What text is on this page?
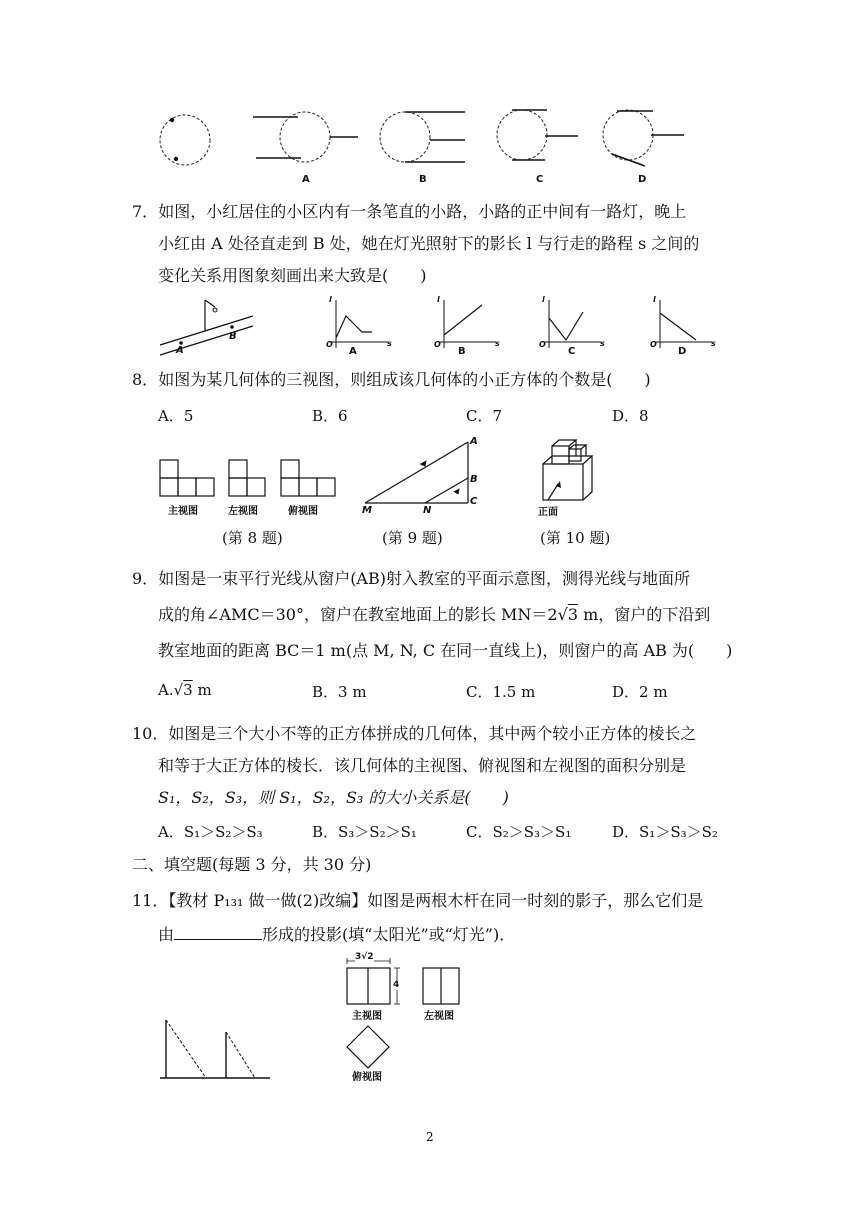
A	B	C	D

7．如图，小红居住的小区内有一条笔直的小路，小路的正中间有一路灯，晚上

小红由 A 处径直走到 B 处，她在灯光照射下的影长 l 与行走的路程 s 之间的

变化关系用图象刻画出来大致是(　　)

A
B
l
s
O
l
s
O
l
s
O
l
s
O
A	B	C	D

8．如图为某几何体的三视图，则组成该几何体的小正方体的个数是(　　)

A．5	B．6	C．7	D．8
主视图	左视图	俯视图
A
B
C
M	N	正面
(第 8 题)	(第 9 题)	(第 10 题)

9．如图是一束平行光线从窗户(AB)射入教室的平面示意图，测得光线与地面所

成的角∠AMC＝30°，窗户在教室地面上的影长 MN＝2√3 m，窗户的下沿到

教室地面的距离 BC＝1 m(点 M, N, C 在同一直线上)，则窗户的高 AB 为(　　)

A.√3 m	B．3 m	C．1.5 m	D．2 m

10．如图是三个大小不等的正方体拼成的几何体，其中两个较小正方体的棱长之

和等于大正方体的棱长．该几何体的主视图、俯视图和左视图的面积分别是

S₁，S₂，S₃，则 S₁，S₂，S₃ 的大小关系是(　　)

A．S₁＞S₂＞S₃	B．S₃＞S₂＞S₁	C．S₂＞S₃＞S₁	D．S₁＞S₃＞S₂

二、填空题(每题 3 分，共 30 分)

11．【教材 P₁₃₁ 做一做(2)改编】如图是两根木杆在同一时刻的影子，那么它们是

由	形成的投影(填“太阳光”或“灯光”)．

3√2
4
主视图	左视图
俯视图
2
